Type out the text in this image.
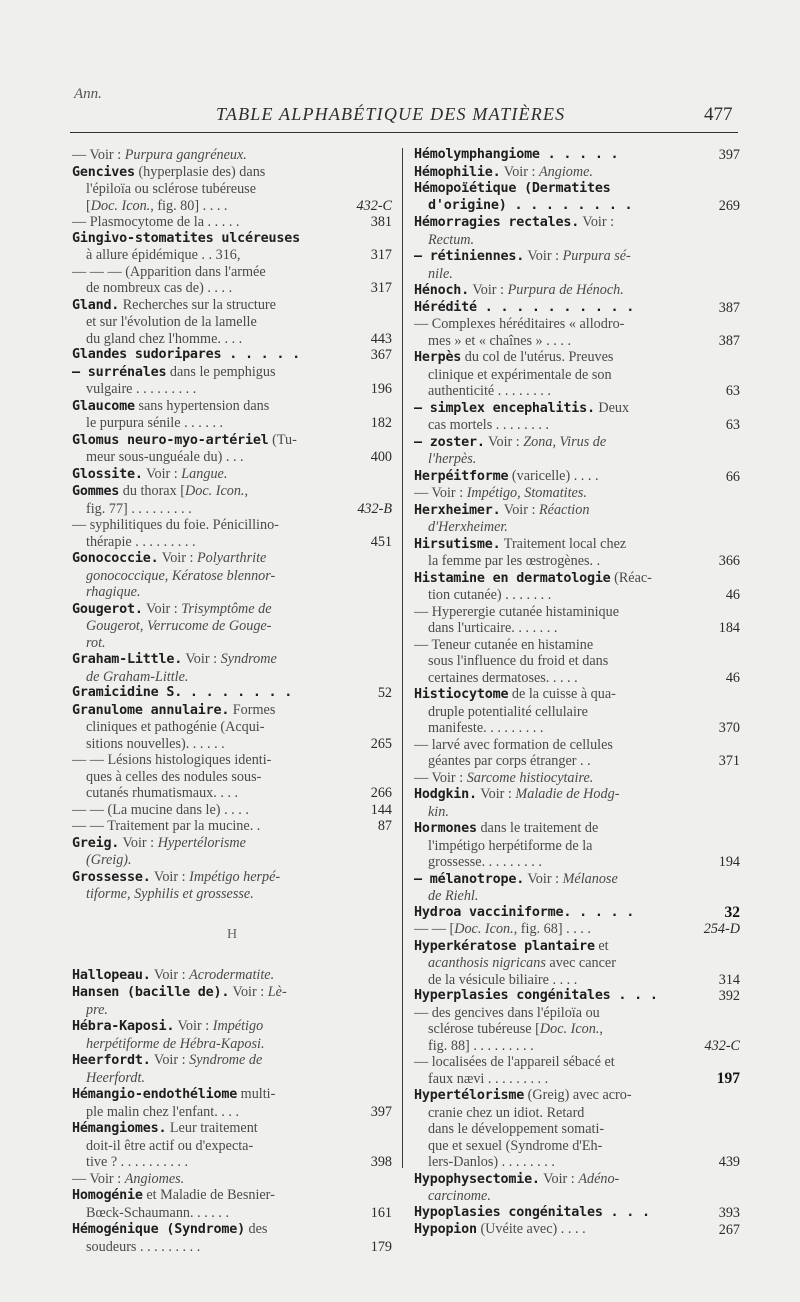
Ann.
TABLE ALPHABÉTIQUE DES MATIÈRES	477
— Voir : Purpura gangréneux.
Gencives (hyperplasie des) dans
l'épiloïa ou sclérose tubéreuse
[Doc. Icon., fig. 80] . . . .	432-C
— Plasmocytome de la . . . . .	381
Gingivo-stomatites ulcéreuses
à allure épidémique . . 316,	317
— — — (Apparition dans l'armée
de nombreux cas de) . . . .	317
Gland. Recherches sur la structure
et sur l'évolution de la lamelle
du gland chez l'homme. . . .	443
Glandes sudoripares . . . . .	367
— surrénales dans le pemphigus
vulgaire . . . . . . . . .	196
Glaucome sans hypertension dans
le purpura sénile . . . . . .	182
Glomus neuro-myo-artériel (Tu-
meur sous-unguéale du) . . .	400
Glossite. Voir : Langue.
Gommes du thorax [Doc. Icon.,
fig. 77] . . . . . . . . .	432-B
— syphilitiques du foie. Pénicillino-
thérapie . . . . . . . . .	451
Gonococcie. Voir : Polyarthrite
gonococcique, Kératose blennor-
rhagique.
Gougerot. Voir : Trisymptôme de
Gougerot, Verrucome de Gouge-
rot.
Graham-Little. Voir : Syndrome
de Graham-Little.
Gramicidine S. . . . . . . .	52
Granulome annulaire. Formes
cliniques et pathogénie (Acqui-
sitions nouvelles). . . . . .	265
— — Lésions histologiques identi-
ques à celles des nodules sous-
cutanés rhumatismaux. . . .	266
— — (La mucine dans le) . . . .	144
— — Traitement par la mucine. .	87
Greig. Voir : Hypertélorisme
(Greig).
Grossesse. Voir : Impétigo herpé-
tiforme, Syphilis et grossesse.
H
Hallopeau. Voir : Acrodermatite.
Hansen (bacille de). Voir : Lè-
pre.
Hébra-Kaposi. Voir : Impétigo
herpétiforme de Hébra-Kaposi.
Heerfordt. Voir : Syndrome de
Heerfordt.
Hémangio-endothéliome multi-
ple malin chez l'enfant. . . .	397
Hémangiomes. Leur traitement
doit-il être actif ou d'expecta-
tive ? . . . . . . . . . .	398
— Voir : Angiomes.
Homogénie et Maladie de Besnier-
Bœck-Schaumann. . . . . .	161
Hémogénique (Syndrome) des
soudeurs . . . . . . . . .	179
Hémolymphangiome . . . . .	397
Hémophilie. Voir : Angiome.
Hémopoïétique (Dermatites
d'origine) . . . . . . . .	269
Hémorragies rectales. Voir :
Rectum.
— rétiniennes. Voir : Purpura sé-
nile.
Hénoch. Voir : Purpura de Hénoch.
Hérédité . . . . . . . . . .	387
— Complexes héréditaires « allodro-
mes » et « chaînes » . . . .	387
Herpès du col de l'utérus. Preuves
clinique et expérimentale de son
authenticité . . . . . . . .	63
— simplex encephalitis. Deux
cas mortels . . . . . . . .	63
— zoster. Voir : Zona, Virus de
l'herpès.
Herpéitforme (varicelle) . . . .	66
— Voir : Impétigo, Stomatites.
Herxheimer. Voir : Réaction
d'Herxheimer.
Hirsutisme. Traitement local chez
la femme par les œstrogènes. .	366
Histamine en dermatologie (Réac-
tion cutanée) . . . . . . .	46
— Hyperergie cutanée histaminique
dans l'urticaire. . . . . . .	184
— Teneur cutanée en histamine
sous l'influence du froid et dans
certaines dermatoses. . . . .	46
Histiocytome de la cuisse à qua-
druple potentialité cellulaire
manifeste. . . . . . . . .	370
— larvé avec formation de cellules
géantes par corps étranger . .	371
— Voir : Sarcome histiocytaire.
Hodgkin. Voir : Maladie de Hodg-
kin.
Hormones dans le traitement de
l'impétigo herpétiforme de la
grossesse. . . . . . . . .	194
— mélanotrope. Voir : Mélanose
de Riehl.
Hydroa vacciniforme. . . . .	32
— — [Doc. Icon., fig. 68] . . . .	254-D
Hyperkératose plantaire et
acanthosis nigricans avec cancer
de la vésicule biliaire . . . .	314
Hyperplasies congénitales . . .	392
— des gencives dans l'épiloïa ou
sclérose tubéreuse [Doc. Icon.,
fig. 88] . . . . . . . . .	432-C
— localisées de l'appareil sébacé et
faux nævi . . . . . . . . .	197
Hypertélorisme (Greig) avec acro-
cranie chez un idiot. Retard
dans le développement somati-
que et sexuel (Syndrome d'Eh-
lers-Danlos) . . . . . . . .	439
Hypophysectomie. Voir : Adéno-
carcinome.
Hypoplasies congénitales . . .	393
Hypopion (Uvéite avec) . . . .	267
